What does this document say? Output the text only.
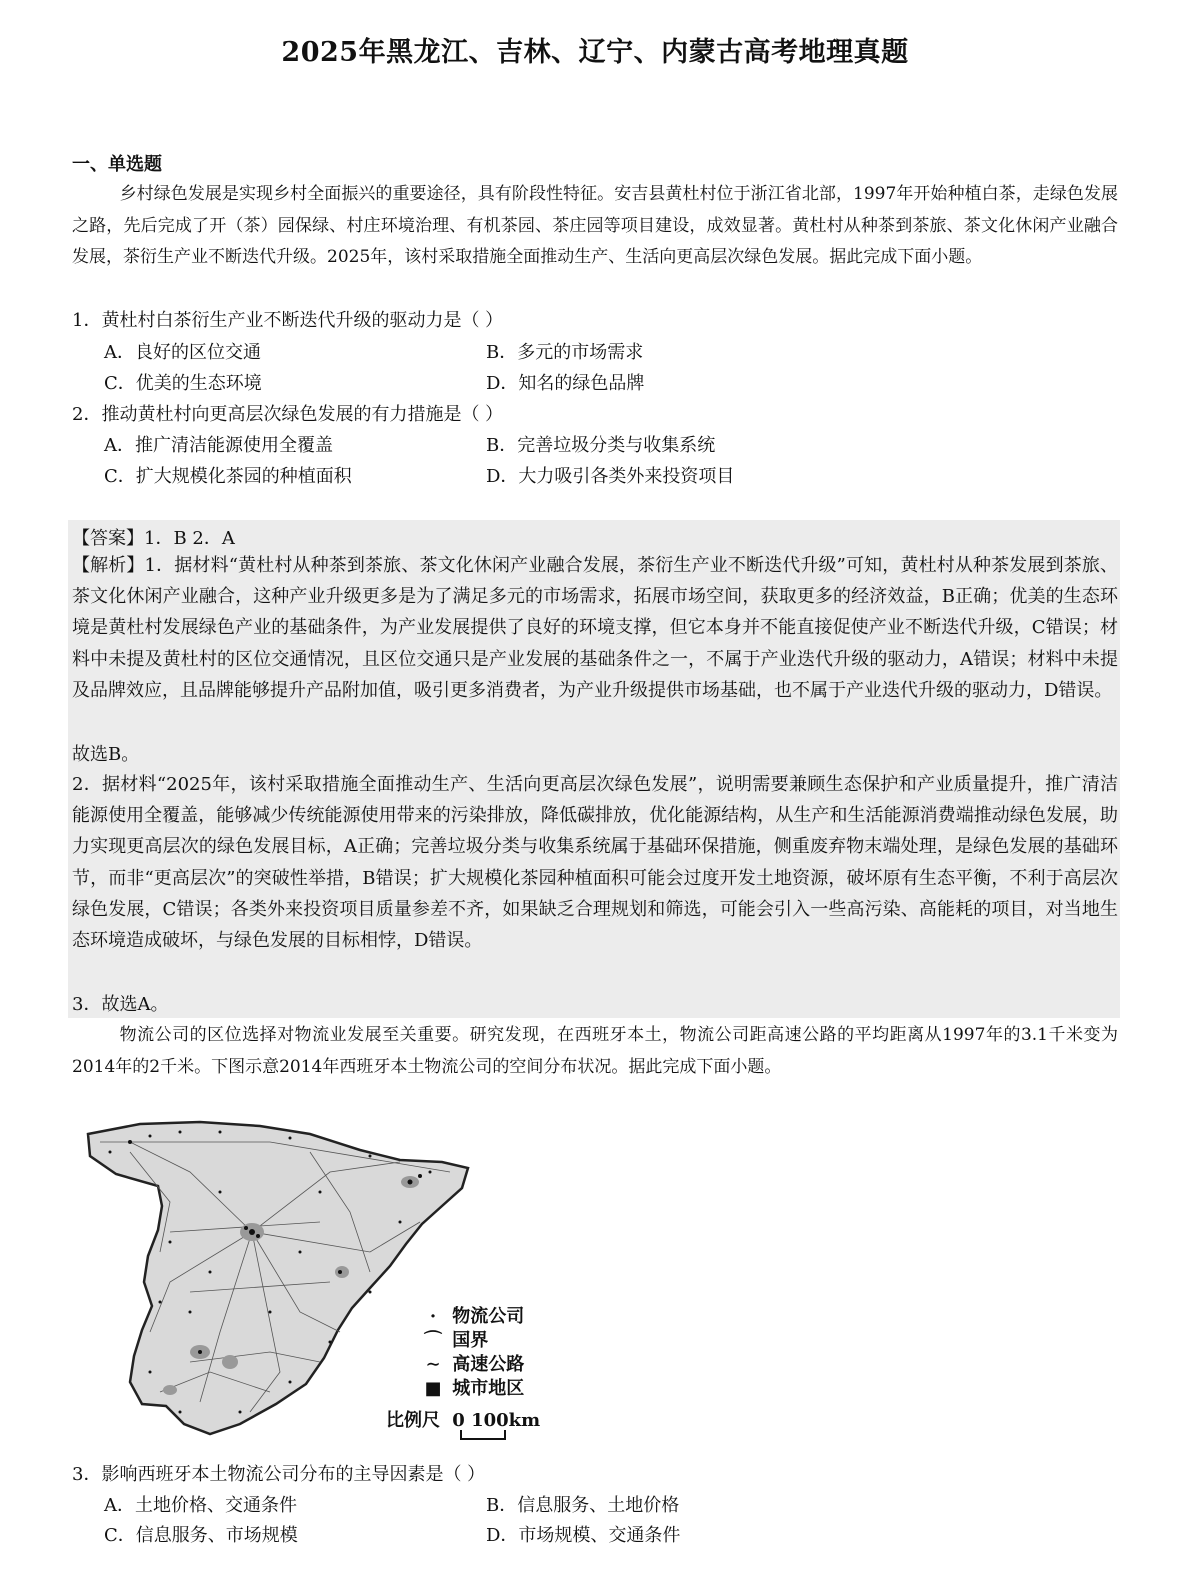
2025年黑龙江、吉林、辽宁、内蒙古高考地理真题
一、单选题

乡村绿色发展是实现乡村全面振兴的重要途径，具有阶段性特征。安吉县黄杜村位于浙江省北部，1997年开始种植白茶，走绿色发展之路，先后完成了开（茶）园保绿、村庄环境治理、有机茶园、茶庄园等项目建设，成效显著。黄杜村从种茶到茶旅、茶文化休闲产业融合发展，茶衍生产业不断迭代升级。2025年，该村采取措施全面推动生产、生活向更高层次绿色发展。据此完成下面小题。

1．黄杜村白茶衍生产业不断迭代升级的驱动力是（ ）

A．良好的区位交通	B．多元的市场需求

C．优美的生态环境	D．知名的绿色品牌

2．推动黄杜村向更高层次绿色发展的有力措施是（ ）

A．推广清洁能源使用全覆盖	B．完善垃圾分类与收集系统

C．扩大规模化茶园的种植面积	D．大力吸引各类外来投资项目

【答案】1．B 2．A

【解析】1．据材料“黄杜村从种茶到茶旅、茶文化休闲产业融合发展，茶衍生产业不断迭代升级”可知，黄杜村从种茶发展到茶旅、茶文化休闲产业融合，这种产业升级更多是为了满足多元的市场需求，拓展市场空间，获取更多的经济效益，B正确；优美的生态环境是黄杜村发展绿色产业的基础条件，为产业发展提供了良好的环境支撑，但它本身并不能直接促使产业不断迭代升级，C错误；材料中未提及黄杜村的区位交通情况，且区位交通只是产业发展的基础条件之一，不属于产业迭代升级的驱动力，A错误；材料中未提及品牌效应，且品牌能够提升产品附加值，吸引更多消费者，为产业升级提供市场基础，也不属于产业迭代升级的驱动力，D错误。

故选B。

2．据材料“2025年，该村采取措施全面推动生产、生活向更高层次绿色发展”，说明需要兼顾生态保护和产业质量提升，推广清洁能源使用全覆盖，能够减少传统能源使用带来的污染排放，降低碳排放，优化能源结构，从生产和生活能源消费端推动绿色发展，助力实现更高层次的绿色发展目标，A正确；完善垃圾分类与收集系统属于基础环保措施，侧重废弃物末端处理，是绿色发展的基础环节，而非“更高层次”的突破性举措，B错误；扩大规模化茶园种植面积可能会过度开发土地资源，破坏原有生态平衡，不利于高层次绿色发展，C错误；各类外来投资项目质量参差不齐，如果缺乏合理规划和筛选，可能会引入一些高污染、高能耗的项目，对当地生态环境造成破坏，与绿色发展的目标相悖，D错误。

3．故选A。

物流公司的区位选择对物流业发展至关重要。研究发现，在西班牙本土，物流公司距高速公路的平均距离从1997年的3.1千米变为2014年的2千米。下图示意2014年西班牙本土物流公司的空间分布状况。据此完成下面小题。

· 物流公司
⌒ 国界
∼ 高速公路
■ 城市地区
比例尺 0 100km

3．影响西班牙本土物流公司分布的主导因素是（ ）

A．土地价格、交通条件	B．信息服务、土地价格

C．信息服务、市场规模	D．市场规模、交通条件
